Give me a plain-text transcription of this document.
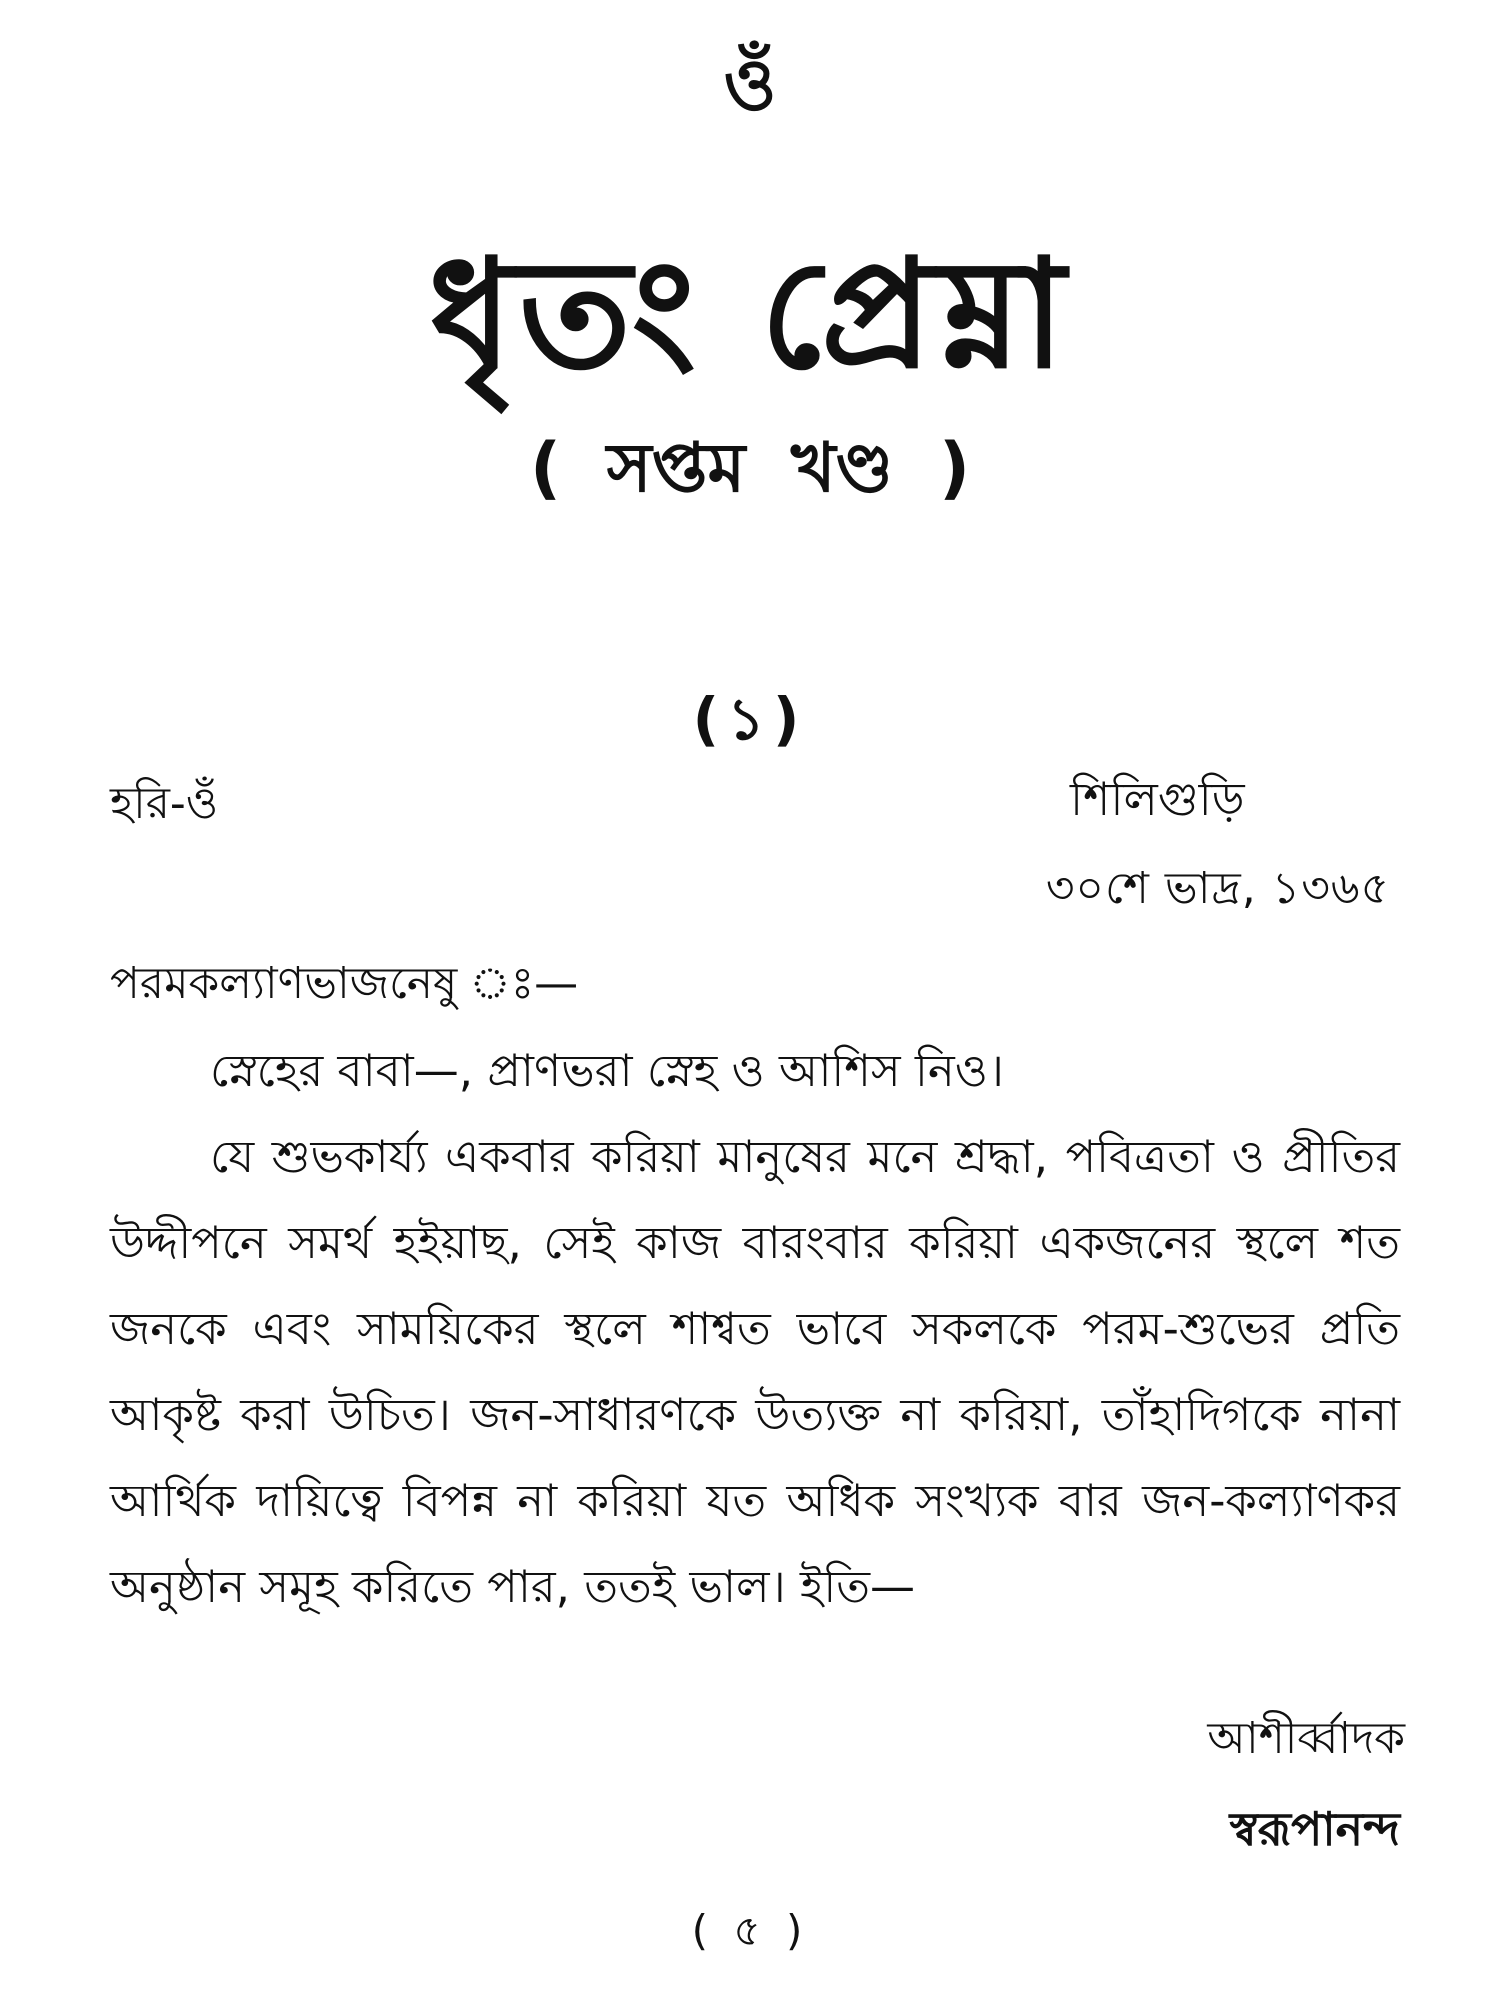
ওঁ
ধৃতং প্রেম্না
( সপ্তম খণ্ড )
(১)
হরি-ওঁ	শিলিগুড়ি
৩০শে ভাদ্র, ১৩৬৫
পরমকল্যাণভাজনেষু ঃ—

স্নেহের বাবা—, প্রাণভরা স্নেহ ও আশিস নিও।

যে শুভকার্য্য একবার করিয়া মানুষের মনে শ্রদ্ধা, পবিত্রতা ও প্রীতির উদ্দীপনে সমর্থ হইয়াছ, সেই কাজ বারংবার করিয়া একজনের স্থলে শত জনকে এবং সাময়িকের স্থলে শাশ্বত ভাবে সকলকে পরম-শুভের প্রতি আকৃষ্ট করা উচিত। জন-সাধারণকে উত্যক্ত না করিয়া, তাঁহাদিগকে নানা আর্থিক দায়িত্বে বিপন্ন না করিয়া যত অধিক সংখ্যক বার জন-কল্যাণকর অনুষ্ঠান সমূহ করিতে পার, ততই ভাল। ইতি—

আশীর্ব্বাদক
স্বরূপানন্দ
( ৫ )
